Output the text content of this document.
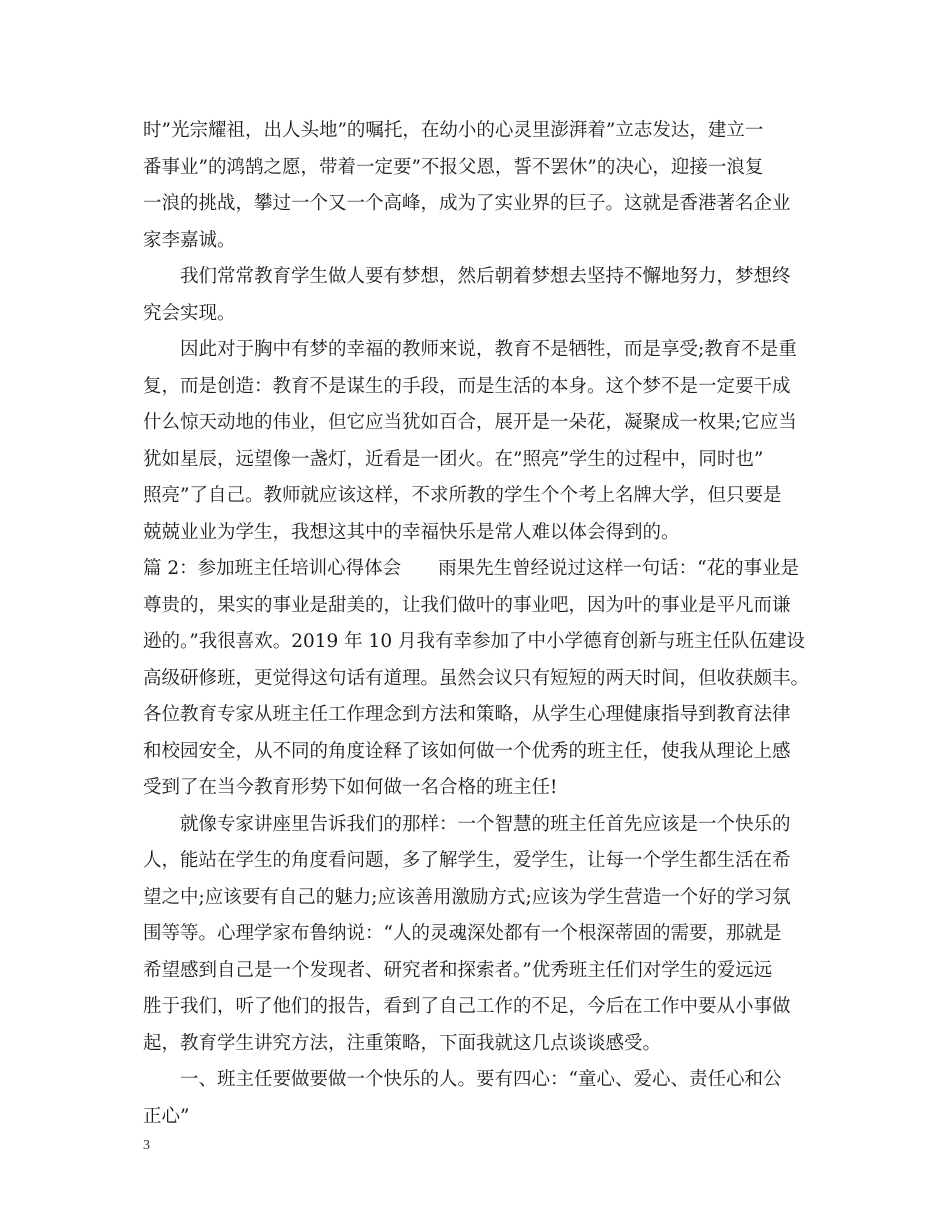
时”光宗耀祖，出人头地”的嘱托，在幼小的心灵里澎湃着”立志发达，建立一
番事业”的鸿鹄之愿，带着一定要”不报父恩，誓不罢休”的决心，迎接一浪复
一浪的挑战，攀过一个又一个高峰，成为了实业界的巨子。这就是香港著名企业
家李嘉诚。
我们常常教育学生做人要有梦想，然后朝着梦想去坚持不懈地努力，梦想终
究会实现。
因此对于胸中有梦的幸福的教师来说，教育不是牺牲，而是享受;教育不是重
复，而是创造：教育不是谋生的手段，而是生活的本身。这个梦不是一定要干成
什么惊天动地的伟业，但它应当犹如百合，展开是一朵花，凝聚成一枚果;它应当
犹如星辰，远望像一盏灯，近看是一团火。在”照亮”学生的过程中，同时也”
照亮”了自己。教师就应该这样，不求所教的学生个个考上名牌大学，但只要是
兢兢业业为学生，我想这其中的幸福快乐是常人难以体会得到的。
篇 2：参加班主任培训心得体会　　雨果先生曾经说过这样一句话：“花的事业是
尊贵的，果实的事业是甜美的，让我们做叶的事业吧，因为叶的事业是平凡而谦
逊的。”我很喜欢。2019 年 10 月我有幸参加了中小学德育创新与班主任队伍建设
高级研修班，更觉得这句话有道理。虽然会议只有短短的两天时间，但收获颇丰。
各位教育专家从班主任工作理念到方法和策略，从学生心理健康指导到教育法律
和校园安全，从不同的角度诠释了该如何做一个优秀的班主任，使我从理论上感
受到了在当今教育形势下如何做一名合格的班主任!
就像专家讲座里告诉我们的那样：一个智慧的班主任首先应该是一个快乐的
人，能站在学生的角度看问题，多了解学生，爱学生，让每一个学生都生活在希
望之中;应该要有自己的魅力;应该善用激励方式;应该为学生营造一个好的学习氛
围等等。心理学家布鲁纳说：“人的灵魂深处都有一个根深蒂固的需要，那就是
希望感到自己是一个发现者、研究者和探索者。”优秀班主任们对学生的爱远远
胜于我们，听了他们的报告，看到了自己工作的不足，今后在工作中要从小事做
起，教育学生讲究方法，注重策略，下面我就这几点谈谈感受。
一、班主任要做要做一个快乐的人。要有四心：“童心、爱心、责任心和公
正心”
3
